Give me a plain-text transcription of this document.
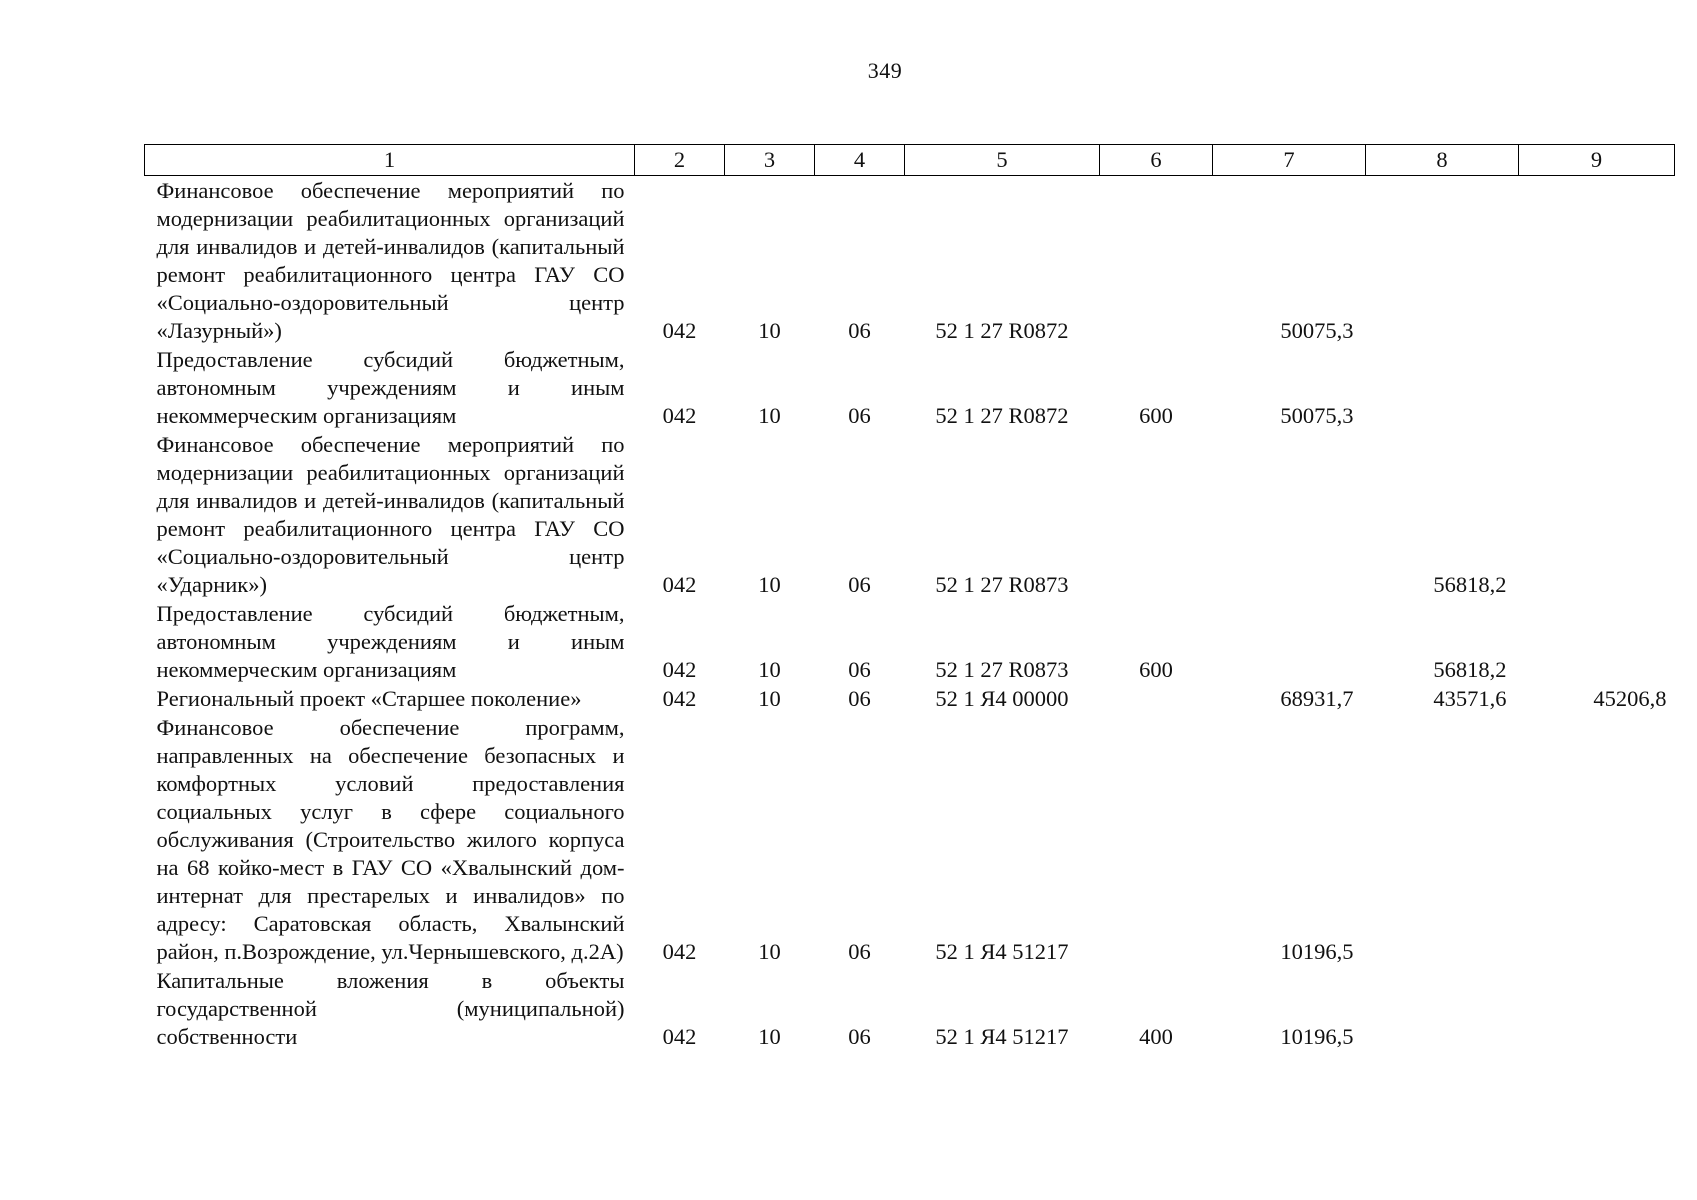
349
1	2	3	4	5	6	7	8	9
Финансовое обеспечение мероприятий по модернизации реабилитационных организаций для инвалидов и детей-инвалидов (капитальный ремонт реабилитационного центра ГАУ СО «Социально-оздоровительный центр «Лазурный»)	042	10	06	52 1 27 R0872		50075,3		
Предоставление субсидий бюджетным, автономным учреждениям и иным некоммерческим организациям	042	10	06	52 1 27 R0872	600	50075,3		
Финансовое обеспечение мероприятий по модернизации реабилитационных организаций для инвалидов и детей-инвалидов (капитальный ремонт реабилитационного центра ГАУ СО «Социально-оздоровительный центр «Ударник»)	042	10	06	52 1 27 R0873			56818,2	
Предоставление субсидий бюджетным, автономным учреждениям и иным некоммерческим организациям	042	10	06	52 1 27 R0873	600		56818,2	
Региональный проект «Старшее поколение»	042	10	06	52 1 Я4 00000		68931,7	43571,6	45206,8
Финансовое обеспечение программ, направленных на обеспечение безопасных и комфортных условий предоставления социальных услуг в сфере социального обслуживания (Строительство жилого корпуса на 68 койко-мест в ГАУ СО «Хвалынский дом-интернат для престарелых и инвалидов» по адресу: Саратовская область, Хвалынский район, п.Возрождение, ул.Чернышевского, д.2А)	042	10	06	52 1 Я4 51217		10196,5		
Капитальные вложения в объекты государственной (муниципальной) собственности	042	10	06	52 1 Я4 51217	400	10196,5		
